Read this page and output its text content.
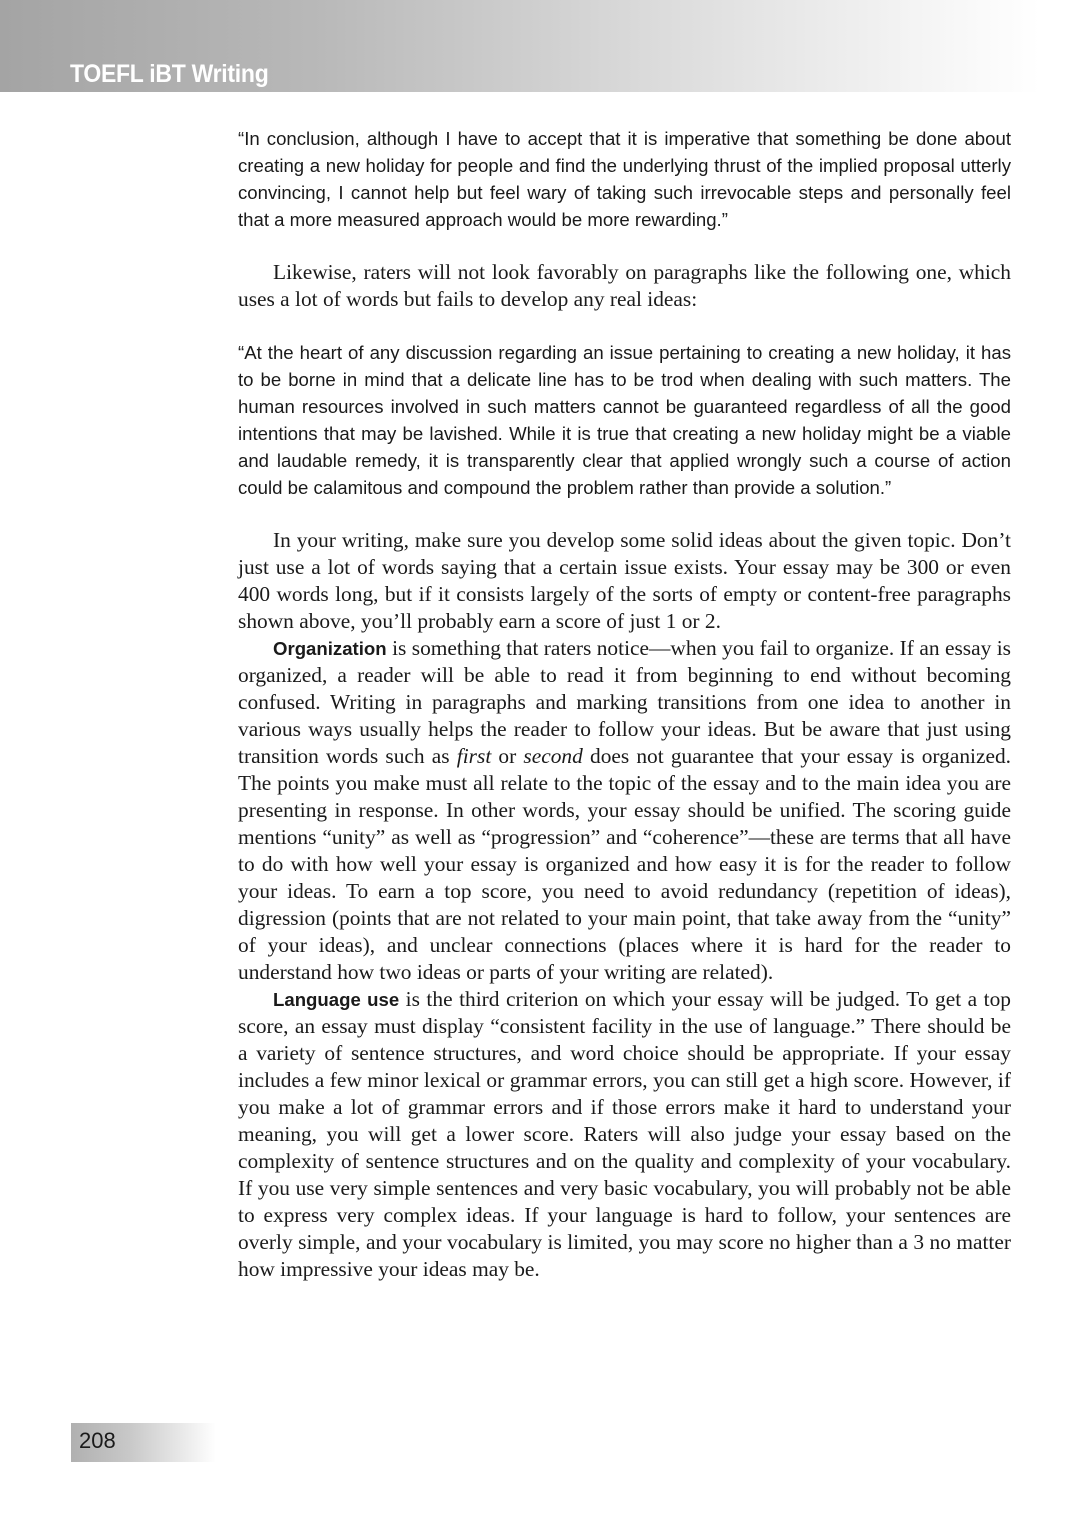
TOEFL iBT Writing

“In conclusion, although I have to accept that it is imperative that something be done about creating a new holiday for people and find the underlying thrust of the implied proposal utterly convincing, I cannot help but feel wary of taking such irrevocable steps and personally feel that a more measured approach would be more rewarding.”

Likewise, raters will not look favorably on paragraphs like the following one, which uses a lot of words but fails to develop any real ideas:

“At the heart of any discussion regarding an issue pertaining to creating a new holiday, it has to be borne in mind that a delicate line has to be trod when dealing with such matters. The human resources involved in such matters cannot be guaranteed regardless of all the good intentions that may be lavished. While it is true that creating a new holiday might be a viable and laudable remedy, it is transparently clear that applied wrongly such a course of action could be calamitous and compound the problem rather than provide a solution.”

In your writing, make sure you develop some solid ideas about the given topic. Don’t just use a lot of words saying that a certain issue exists. Your essay may be 300 or even 400 words long, but if it consists largely of the sorts of empty or content-free paragraphs shown above, you’ll probably earn a score of just 1 or 2.

Organization is something that raters notice—when you fail to organize. If an essay is organized, a reader will be able to read it from beginning to end without becoming confused. Writing in paragraphs and marking transitions from one idea to another in various ways usually helps the reader to follow your ideas. But be aware that just using transition words such as first or second does not guarantee that your essay is organized. The points you make must all relate to the topic of the essay and to the main idea you are presenting in response. In other words, your essay should be unified. The scoring guide mentions “unity” as well as “progression” and “coherence”—these are terms that all have to do with how well your essay is organized and how easy it is for the reader to follow your ideas. To earn a top score, you need to avoid redundancy (repetition of ideas), digression (points that are not related to your main point, that take away from the “unity” of your ideas), and unclear connections (places where it is hard for the reader to understand how two ideas or parts of your writing are related).

Language use is the third criterion on which your essay will be judged. To get a top score, an essay must display “consistent facility in the use of language.” There should be a variety of sentence structures, and word choice should be appropriate. If your essay includes a few minor lexical or grammar errors, you can still get a high score. However, if you make a lot of grammar errors and if those errors make it hard to understand your meaning, you will get a lower score. Raters will also judge your essay based on the complexity of sentence structures and on the quality and complexity of your vocabulary. If you use very simple sentences and very basic vocabulary, you will probably not be able to express very complex ideas. If your language is hard to follow, your sentences are overly simple, and your vocabulary is limited, you may score no higher than a 3 no matter how impressive your ideas may be.

208
